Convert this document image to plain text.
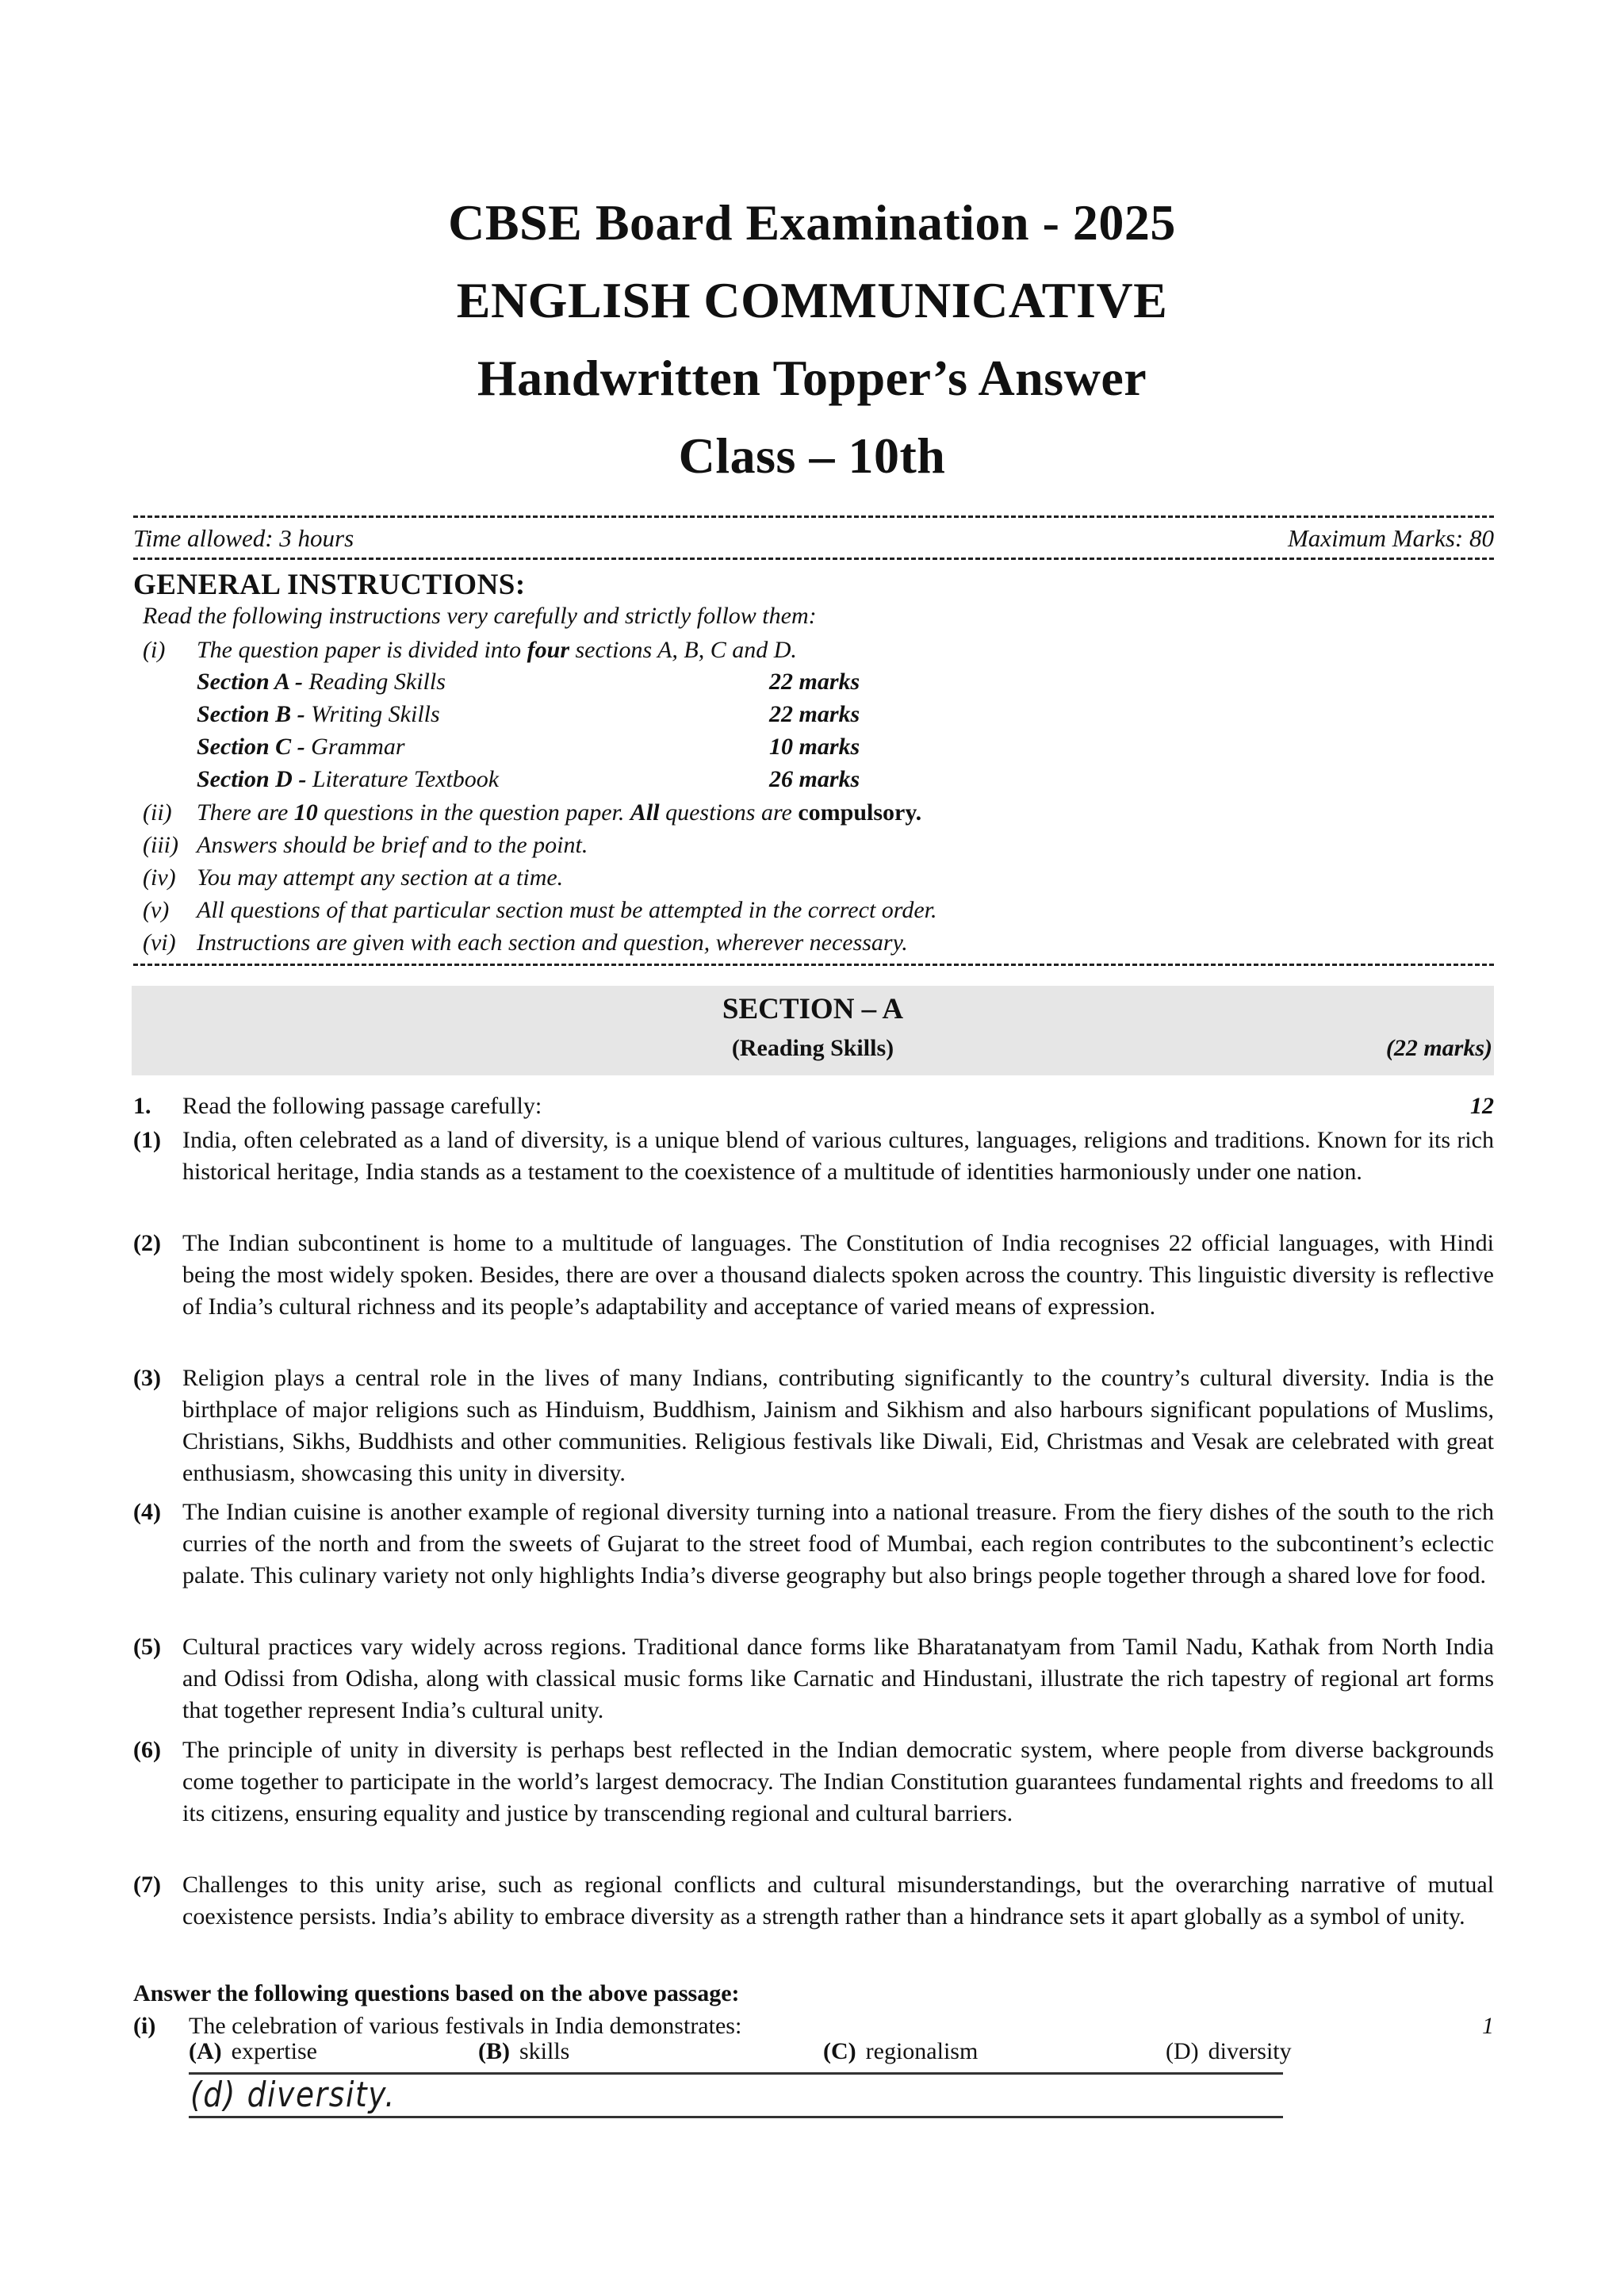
CBSE Board Examination - 2025
ENGLISH COMMUNICATIVE
Handwritten Topper’s Answer
Class – 10th
Time allowed: 3 hours	Maximum Marks: 80
GENERAL INSTRUCTIONS:
Read the following instructions very carefully and strictly follow them:
(i) The question paper is divided into four sections A, B, C and D.
Section A - Reading Skills	22 marks
Section B - Writing Skills	22 marks
Section C - Grammar	10 marks
Section D - Literature Textbook	26 marks
(ii) There are 10 questions in the question paper. All questions are compulsory.
(iii) Answers should be brief and to the point.
(iv) You may attempt any section at a time.
(v) All questions of that particular section must be attempted in the correct order.
(vi) Instructions are given with each section and question, wherever necessary.
SECTION – A
(Reading Skills)	(22 marks)
1. Read the following passage carefully:	12
(1) India, often celebrated as a land of diversity, is a unique blend of various cultures, languages, religions and traditions. Known for its rich historical heritage, India stands as a testament to the coexistence of a multitude of identities harmoniously under one nation.
(2) The Indian subcontinent is home to a multitude of languages. The Constitution of India recognises 22 official languages, with Hindi being the most widely spoken. Besides, there are over a thousand dialects spoken across the country. This linguistic diversity is reflective of India’s cultural richness and its people’s adaptability and acceptance of varied means of expression.
(3) Religion plays a central role in the lives of many Indians, contributing significantly to the country’s cultural diversity. India is the birthplace of major religions such as Hinduism, Buddhism, Jainism and Sikhism and also harbours significant populations of Muslims, Christians, Sikhs, Buddhists and other communities. Religious festivals like Diwali, Eid, Christmas and Vesak are celebrated with great enthusiasm, showcasing this unity in diversity.
(4) The Indian cuisine is another example of regional diversity turning into a national treasure. From the fiery dishes of the south to the rich curries of the north and from the sweets of Gujarat to the street food of Mumbai, each region contributes to the subcontinent’s eclectic palate. This culinary variety not only highlights India’s diverse geography but also brings people together through a shared love for food.
(5) Cultural practices vary widely across regions. Traditional dance forms like Bharatanatyam from Tamil Nadu, Kathak from North India and Odissi from Odisha, along with classical music forms like Carnatic and Hindustani, illustrate the rich tapestry of regional art forms that together represent India’s cultural unity.
(6) The principle of unity in diversity is perhaps best reflected in the Indian democratic system, where people from diverse backgrounds come together to participate in the world’s largest democracy. The Indian Constitution guarantees fundamental rights and freedoms to all its citizens, ensuring equality and justice by transcending regional and cultural barriers.
(7) Challenges to this unity arise, such as regional conflicts and cultural misunderstandings, but the overarching narrative of mutual coexistence persists. India’s ability to embrace diversity as a strength rather than a hindrance sets it apart globally as a symbol of unity.
Answer the following questions based on the above passage:
(i) The celebration of various festivals in India demonstrates:	1
(A) expertise	(B) skills	(C) regionalism	(D) diversity
(d) diversity.
